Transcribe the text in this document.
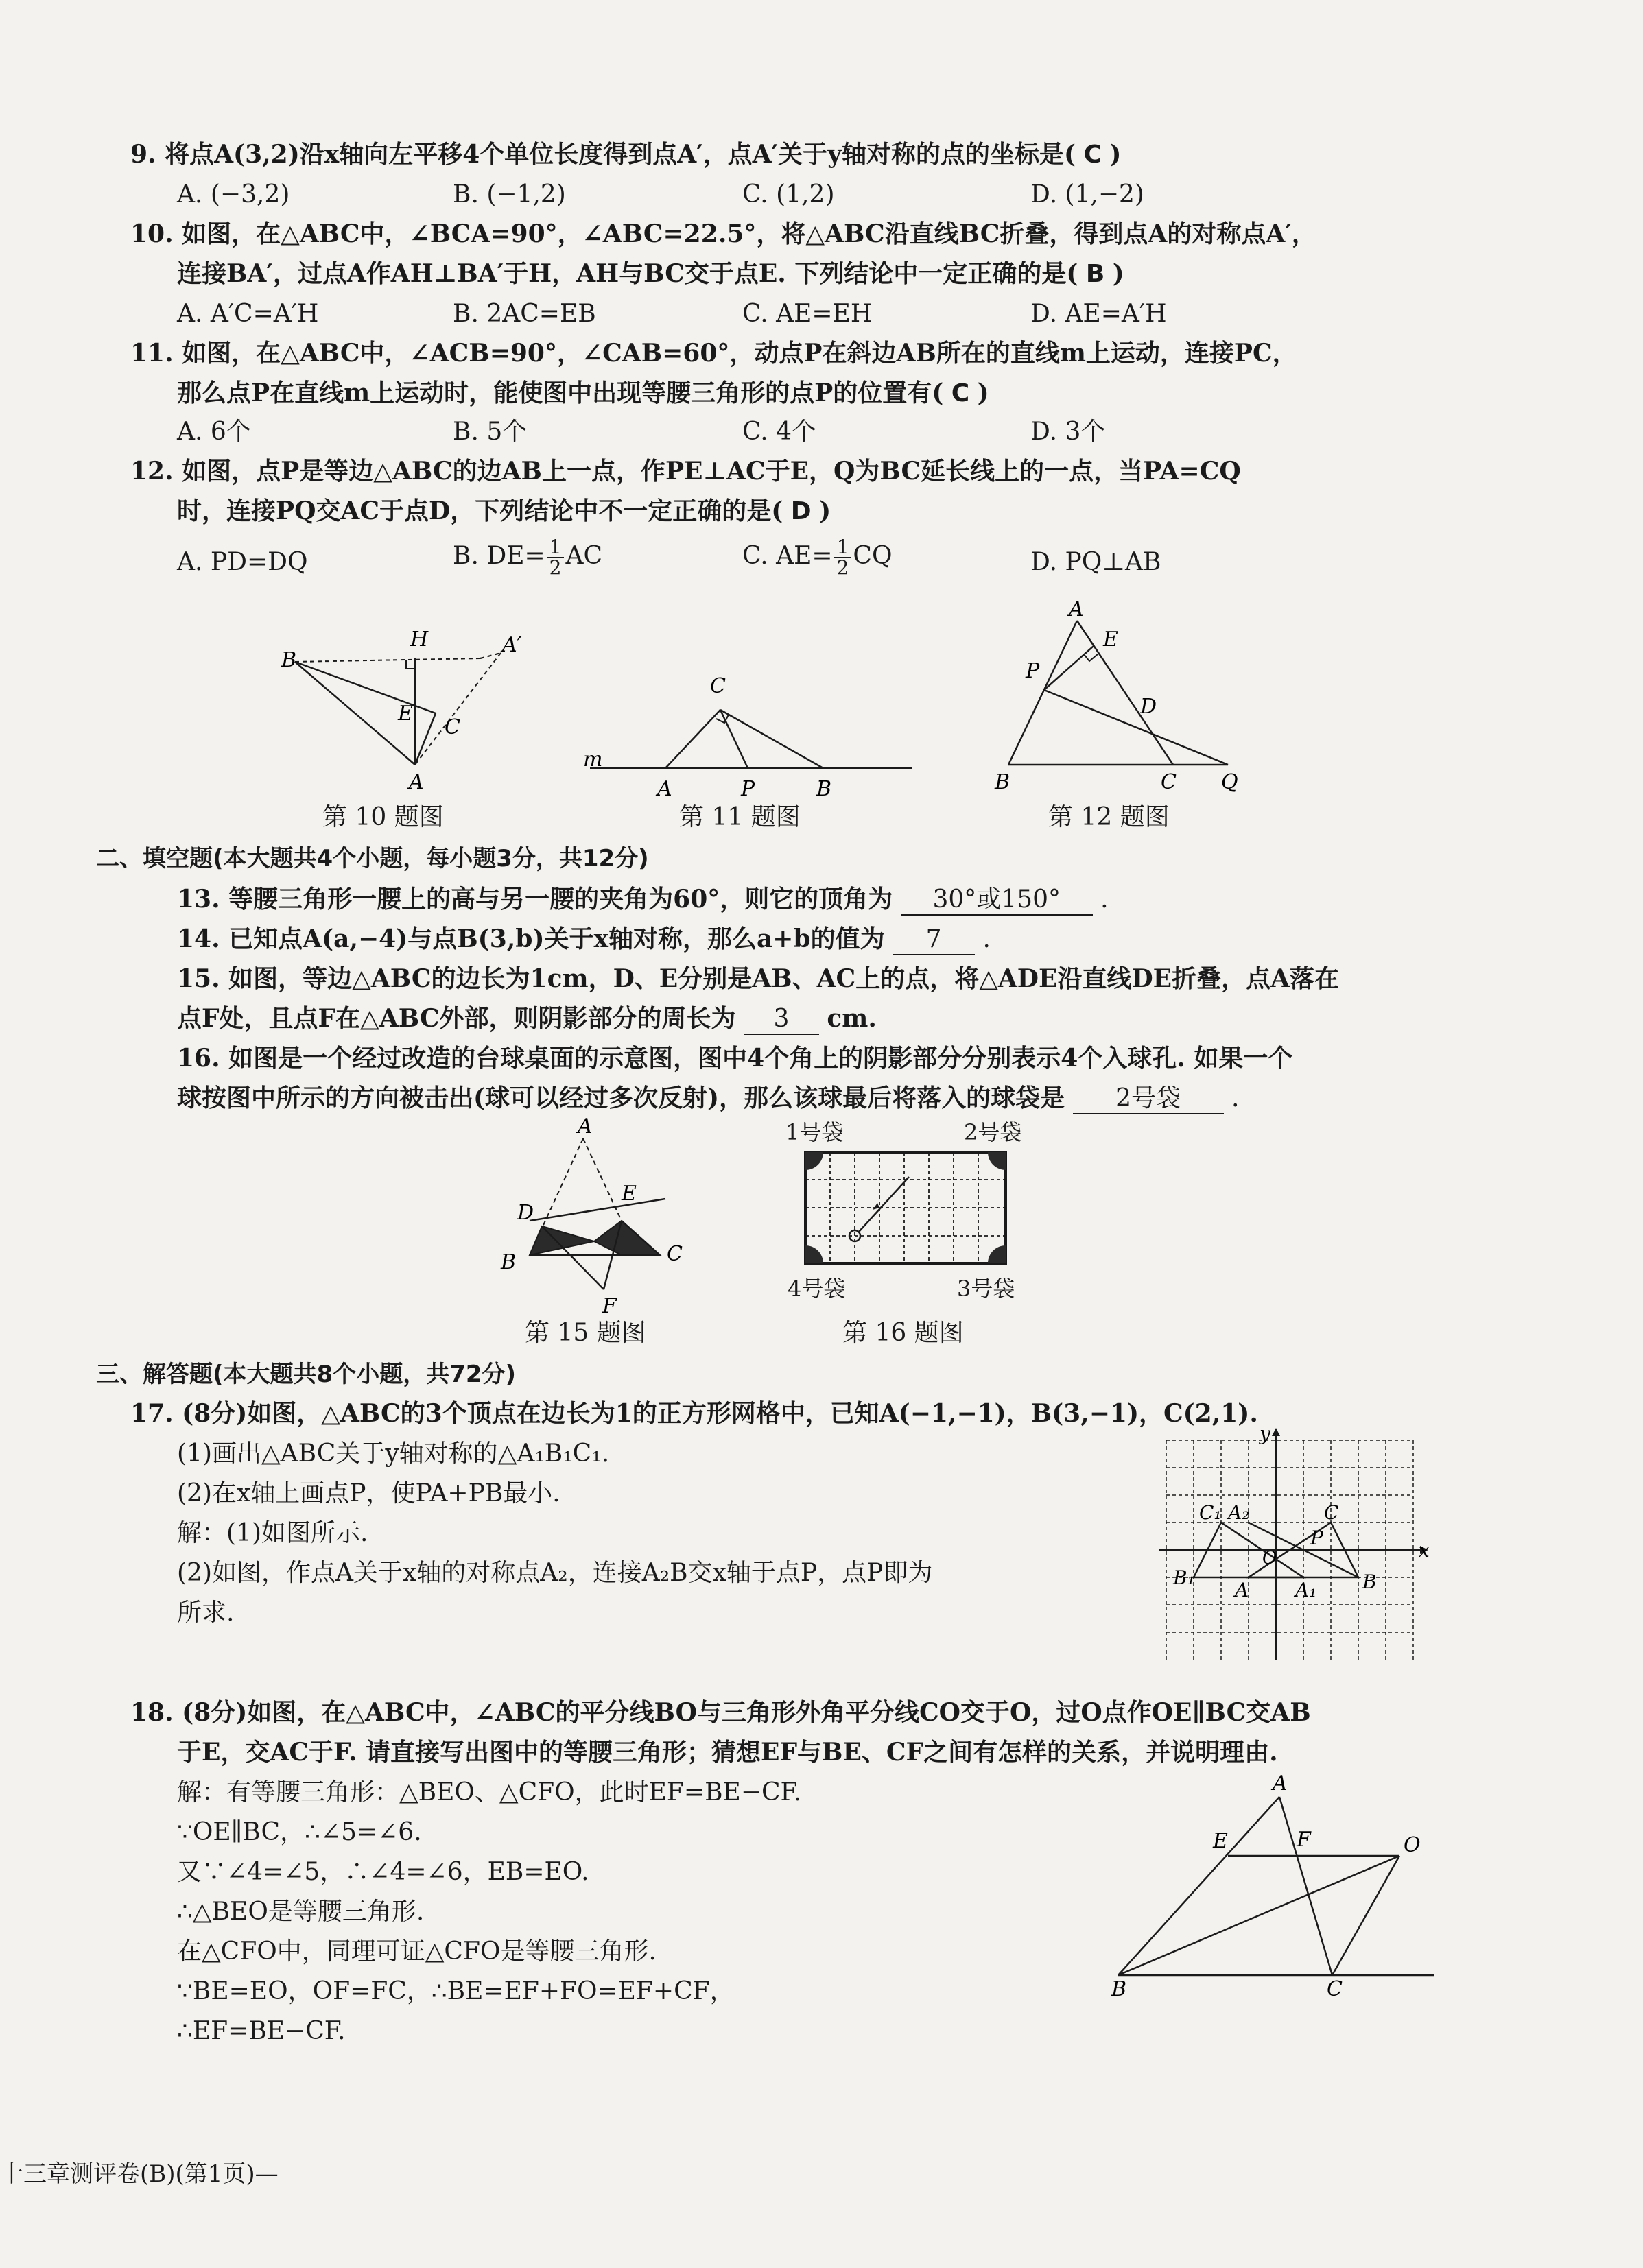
9. 将点A(3,2)沿x轴向左平移4个单位长度得到点A′，点A′关于y轴对称的点的坐标是( C )
A. (−3,2)	B. (−1,2)	C. (1,2)	D. (1,−2)
10. 如图，在△ABC中，∠BCA=90°，∠ABC=22.5°，将△ABC沿直线BC折叠，得到点A的对称点A′，
连接BA′，过点A作AH⊥BA′于H，AH与BC交于点E. 下列结论中一定正确的是( B )
A. A′C=A′H	B. 2AC=EB	C. AE=EH	D. AE=A′H
11. 如图，在△ABC中，∠ACB=90°，∠CAB=60°，动点P在斜边AB所在的直线m上运动，连接PC，
那么点P在直线m上运动时，能使图中出现等腰三角形的点P的位置有( C )
A. 6个	B. 5个	C. 4个	D. 3个
12. 如图，点P是等边△ABC的边AB上一点，作PE⊥AC于E，Q为BC延长线上的一点，当PA=CQ
时，连接PQ交AC于点D，下列结论中不一定正确的是( D )
A. PD=DQ	B. $DE= \frac{1}{2}$ AC	C. $AE= \frac{1}{2}$ CQ	D. PQ⊥AB
B
H	A′
E
C
A
m
C
A	P	B
A
E
P
D
B	C Q
第 10 题图	第 11 题图	第 12 题图
二、填空题(本大题共4个小题，每小题3分，共12分)
13. 等腰三角形一腰上的高与另一腰的夹角为60°，则它的顶角为 30°或150° .
14. 已知点A(a,−4)与点B(3,b)关于x轴对称，那么a+b的值为 7 .
15. 如图，等边△ABC的边长为1cm，D、E分别是AB、AC上的点，将△ADE沿直线DE折叠，点A落在
点F处，且点F在△ABC外部，则阴影部分的周长为 3 cm.
16. 如图是一个经过改造的台球桌面的示意图，图中4个角上的阴影部分分别表示4个入球孔. 如果一个
球按图中所示的方向被击出(球可以经过多次反射)，那么该球最后将落入的球袋是 2号袋 .
A
D
E
B	C
F
1号袋	2号袋
4号袋	3号袋
第 15 题图	第 16 题图
三、解答题(本大题共8个小题，共72分)
17. (8分)如图，△ABC的3个顶点在边长为1的正方形网格中，已知A(−1,−1)，B(3,−1)，C(2,1).
(1)画出△ABC关于y轴对称的△A₁B₁C₁.
(2)在x轴上画点P，使PA+PB最小.
解：(1)如图所示.
(2)如图，作点A关于x轴的对称点A₂，连接A₂B交x轴于点P，点P即为
所求.
x
y
C₁ A₂	C
O
P
B₁
A A₁ B
18. (8分)如图，在△ABC中，∠ABC的平分线BO与三角形外角平分线CO交于O，过O点作OE∥BC交AB
于E，交AC于F. 请直接写出图中的等腰三角形；猜想EF与BE、CF之间有怎样的关系，并说明理由.
解：有等腰三角形：△BEO、△CFO，此时EF=BE−CF.
∵OE∥BC，∴∠5=∠6.
又∵∠4=∠5，∴∠4=∠6，EB=EO.
∴△BEO是等腰三角形.
在△CFO中，同理可证△CFO是等腰三角形.
∵BE=EO，OF=FC，∴BE=EF+FO=EF+CF，
∴EF=BE−CF.
A
E	F	O
B	C
十三章测评卷(B)(第1页)—
